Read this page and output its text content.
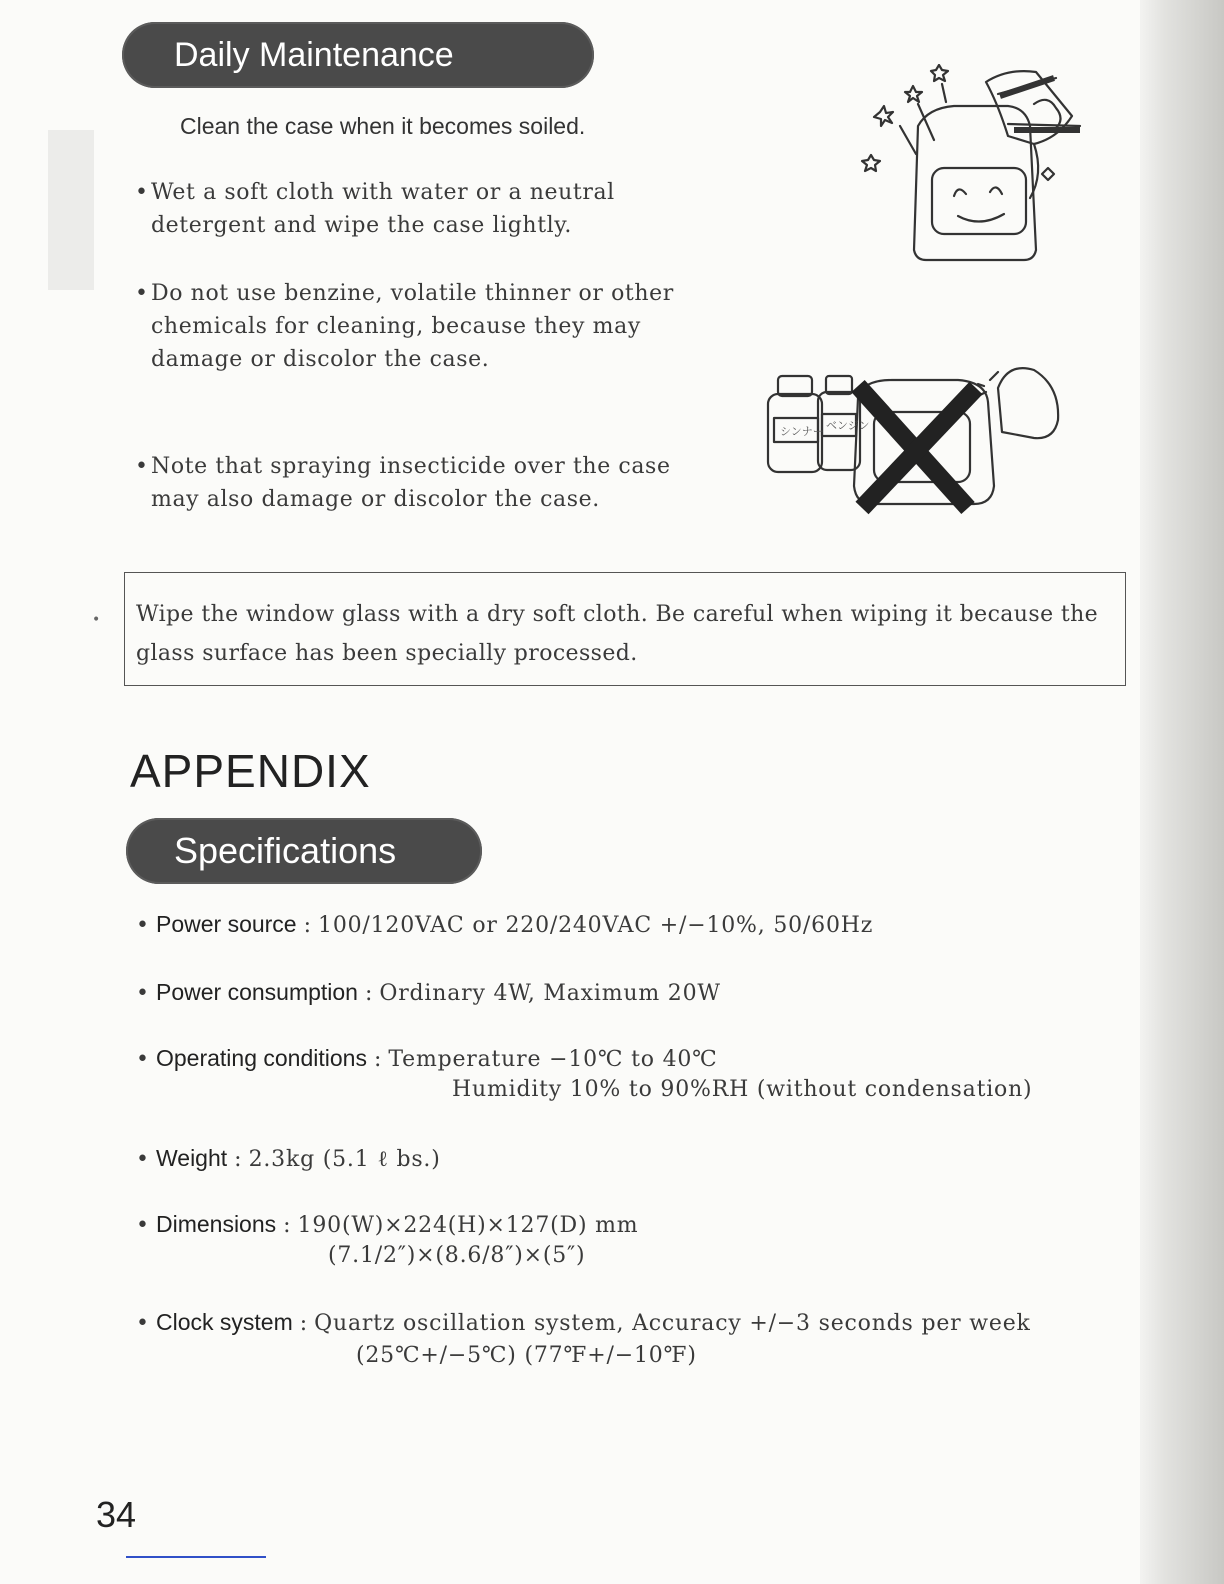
Daily Maintenance
Clean the case when it becomes soiled.
• Wet a soft cloth with water or a neutral detergent and wipe the case lightly.
• Do not use benzine, volatile thinner or other chemicals for cleaning, because they may damage or discolor the case.
• Note that spraying insecticide over the case may also damage or discolor the case.
シンナー ベンジン
• Wipe the window glass with a dry soft cloth. Be careful when wiping it because the glass surface has been specially processed.

APPENDIX
Specifications
• Power source : 100/120VAC or 220/240VAC +/−10%, 50/60Hz
• Power consumption : Ordinary 4W, Maximum 20W
• Operating conditions : Temperature −10℃ to 40℃
Humidity 10% to 90%RH (without condensation)
• Weight : 2.3kg (5.1 ℓ bs.)
• Dimensions : 190(W)×224(H)×127(D) mm
(7.1/2″)×(8.6/8″)×(5″)
• Clock system : Quartz oscillation system, Accuracy +/−3 seconds per week
(25℃+/−5℃) (77℉+/−10℉)
34
